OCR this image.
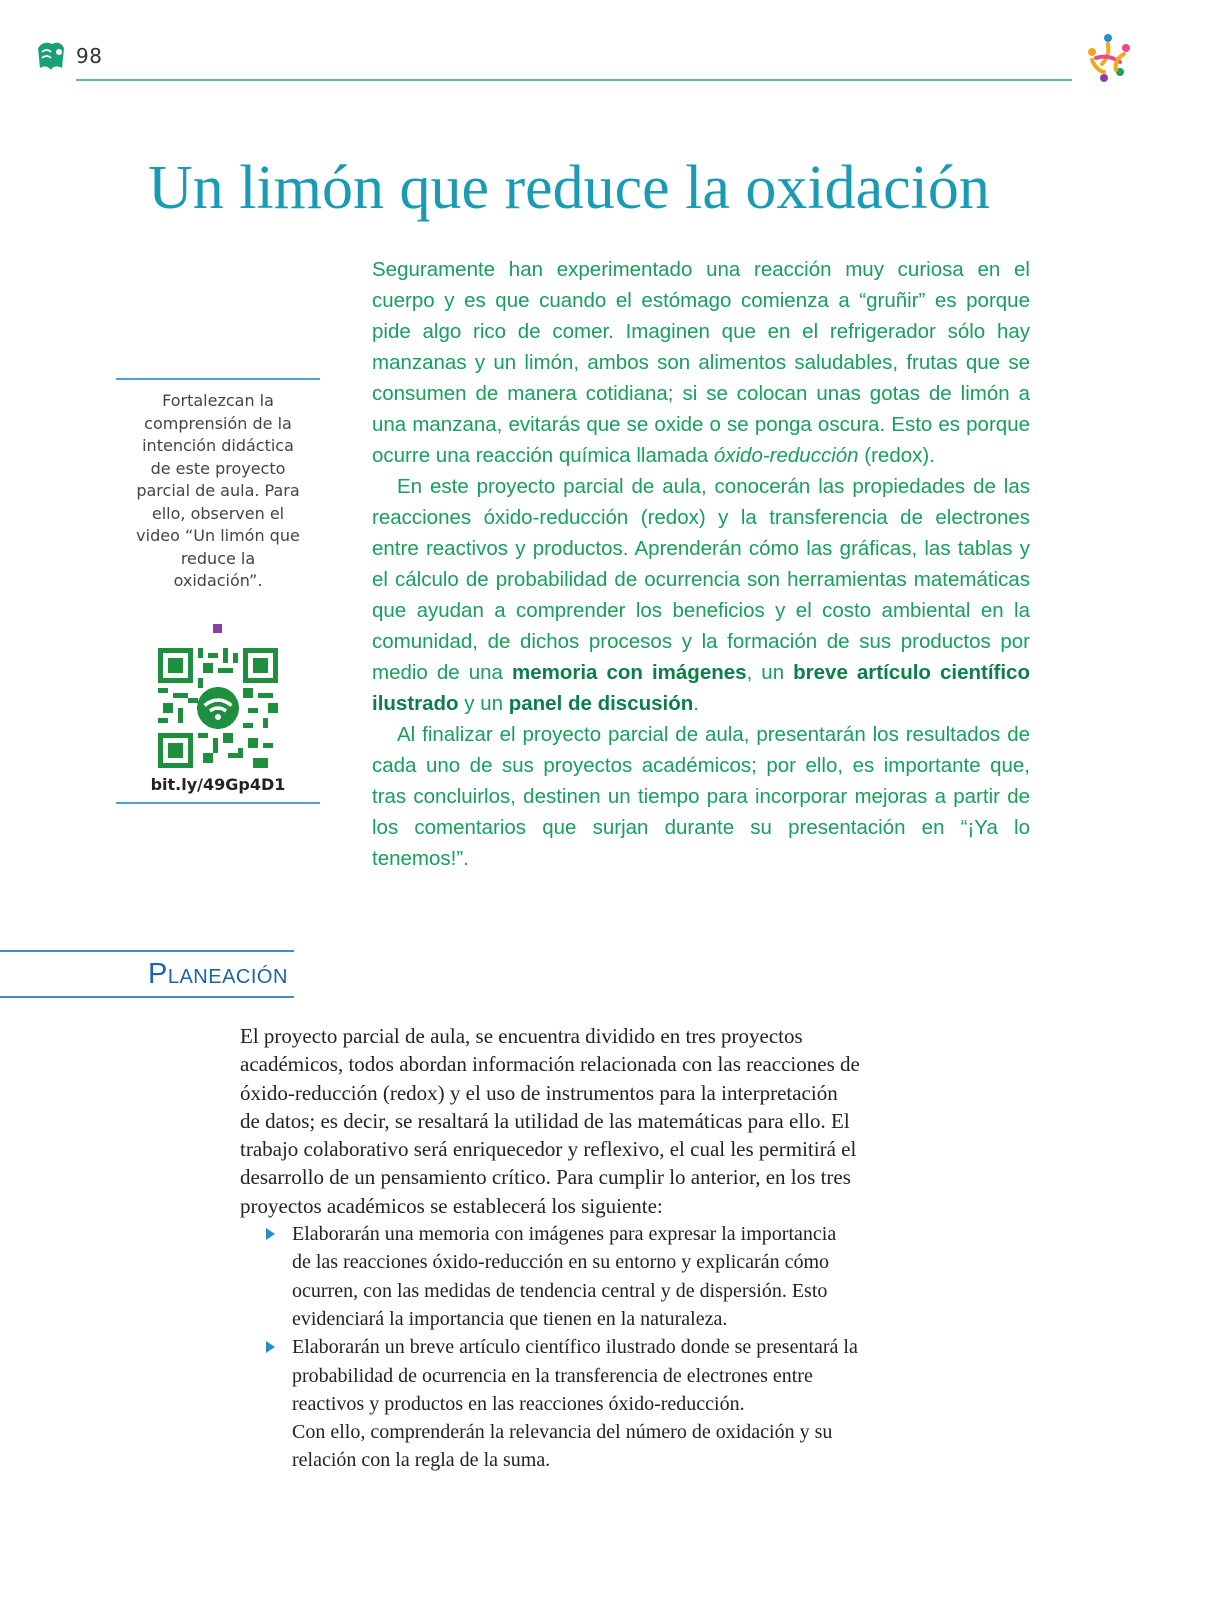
98
Un limón que reduce la oxidación

Seguramente han experimentado una reacción muy curiosa en el cuerpo y es que cuando el estómago comienza a “gruñir” es porque pide algo rico de comer. Imaginen que en el refrigerador sólo hay manzanas y un limón, ambos son alimentos saludables, frutas que se consumen de manera cotidiana; si se colocan unas gotas de limón a una manzana, evitarás que se oxide o se ponga oscura. Esto es porque ocurre una reacción química llamada óxido-reducción (redox).

En este proyecto parcial de aula, conocerán las propiedades de las reacciones óxido-reducción (redox) y la transferencia de electrones entre reactivos y productos. Aprenderán cómo las gráficas, las tablas y el cálculo de probabilidad de ocurrencia son herramientas matemáticas que ayudan a comprender los beneficios y el costo ambiental en la comunidad, de dichos procesos y la formación de sus productos por medio de una memoria con imágenes, un breve artículo científico ilustrado y un panel de discusión.

Al finalizar el proyecto parcial de aula, presentarán los resultados de cada uno de sus proyectos académicos; por ello, es importante que, tras concluirlos, destinen un tiempo para incorporar mejoras a partir de los comentarios que surjan durante su presentación en “¡Ya lo tenemos!”.

Fortalezcan la comprensión de la intención didáctica de este proyecto parcial de aula. Para ello, observen el video “Un limón que reduce la oxidación”.
bit.ly/49Gp4D1
Planeación

El proyecto parcial de aula, se encuentra dividido en tres proyectos académicos, todos abordan información relacionada con las reacciones de óxido-reducción (redox) y el uso de instrumentos para la interpretación de datos; es decir, se resaltará la utilidad de las matemáticas para ello. El trabajo colaborativo será enriquecedor y reflexivo, el cual les permitirá el desarrollo de un pensamiento crítico. Para cumplir lo anterior, en los tres proyectos académicos se establecerá los siguiente:

Elaborarán una memoria con imágenes para expresar la importancia de las reacciones óxido-reducción en su entorno y explicarán cómo ocurren, con las medidas de tendencia central y de dispersión. Esto evidenciará la importancia que tienen en la naturaleza.
Elaborarán un breve artículo científico ilustrado donde se presentará la probabilidad de ocurrencia en la transferencia de electrones entre reactivos y productos en las reacciones óxido-reducción.
Con ello, comprenderán la relevancia del número de oxidación y su relación con la regla de la suma.
